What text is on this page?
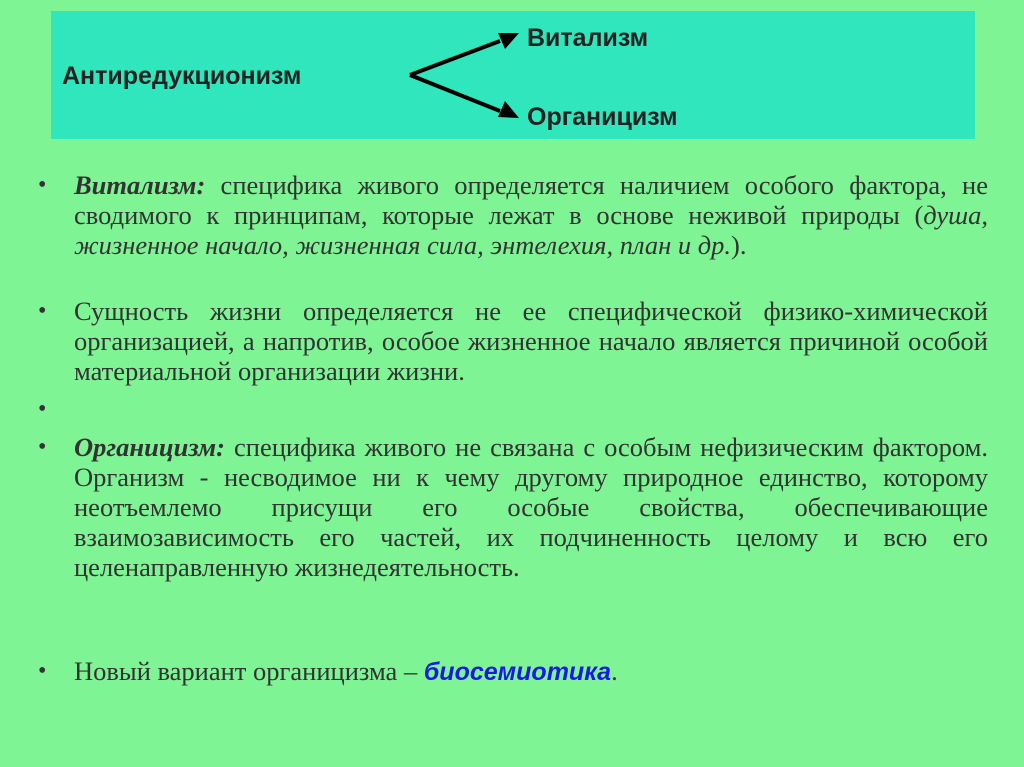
Антиредукционизм
Витализм
Органицизм
• Витализм: специфика живого определяется наличием особого фактора, не сводимого к принципам, которые лежат в основе неживой природы (душа, жизненное начало, жизненная сила, энтелехия, план и др.).
• Сущность жизни определяется не ее специфической физико-химической организацией, а напротив, особое жизненное начало является причиной особой материальной организации жизни.
•
• Органицизм: специфика живого не связана с особым нефизическим фактором. Организм - несводимое ни к чему другому природное единство, которому неотъемлемо присущи его особые свойства, обеспечивающие взаимозависимость его частей, их подчиненность целому и всю его целенаправленную жизнедеятельность.
• Новый вариант органицизма – биосемиотика.
